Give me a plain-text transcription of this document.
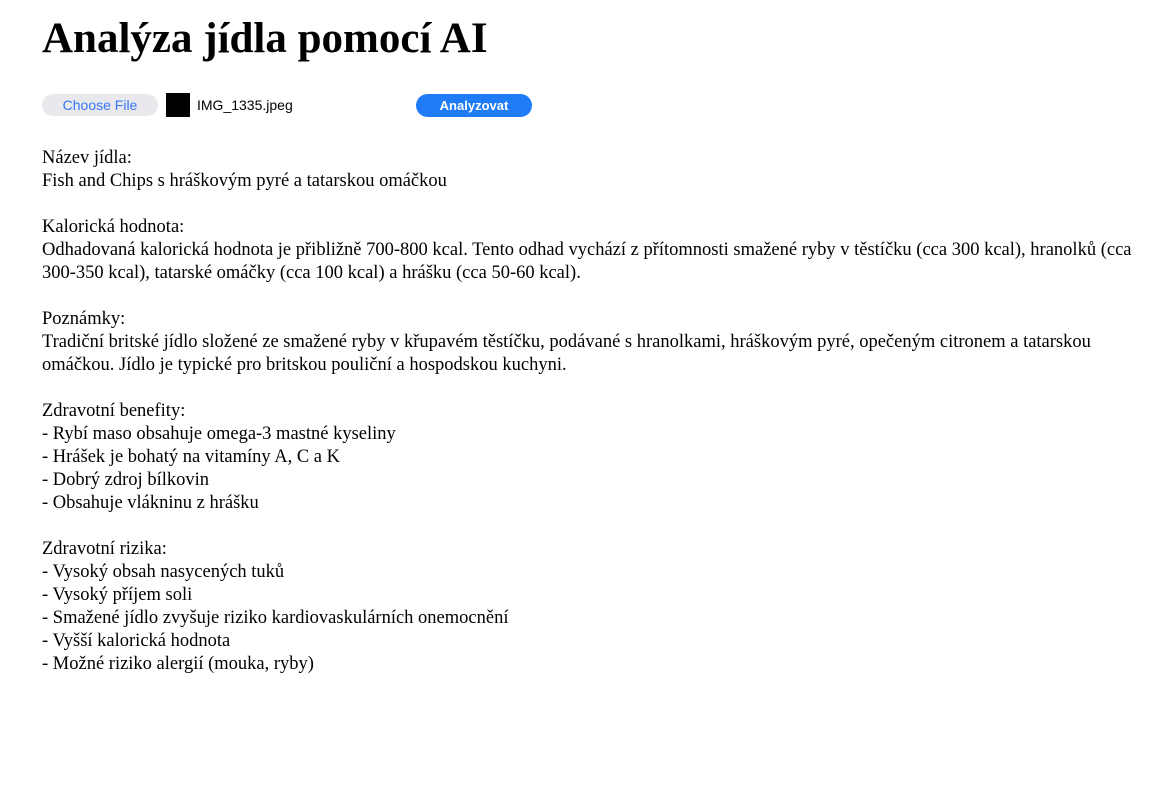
Analýza jídla pomocí AI
Choose File	IMG_1335.jpeg	Analyzovat

Název jídla:

Fish and Chips s hráškovým pyré a tatarskou omáčkou

Kalorická hodnota:

Odhadovaná kalorická hodnota je přibližně 700-800 kcal. Tento odhad vychází z přítomnosti smažené ryby v těstíčku (cca 300 kcal), hranolků (cca 300-350 kcal), tatarské omáčky (cca 100 kcal) a hrášku (cca 50-60 kcal).

Poznámky:

Tradiční britské jídlo složené ze smažené ryby v křupavém těstíčku, podávané s hranolkami, hráškovým pyré, opečeným citronem a tatarskou omáčkou. Jídlo je typické pro britskou pouliční a hospodskou kuchyni.

Zdravotní benefity:

- Rybí maso obsahuje omega-3 mastné kyseliny
- Hrášek je bohatý na vitamíny A, C a K
- Dobrý zdroj bílkovin
- Obsahuje vlákninu z hrášku

Zdravotní rizika:

- Vysoký obsah nasycených tuků
- Vysoký příjem soli
- Smažené jídlo zvyšuje riziko kardiovaskulárních onemocnění
- Vyšší kalorická hodnota
- Možné riziko alergií (mouka, ryby)
